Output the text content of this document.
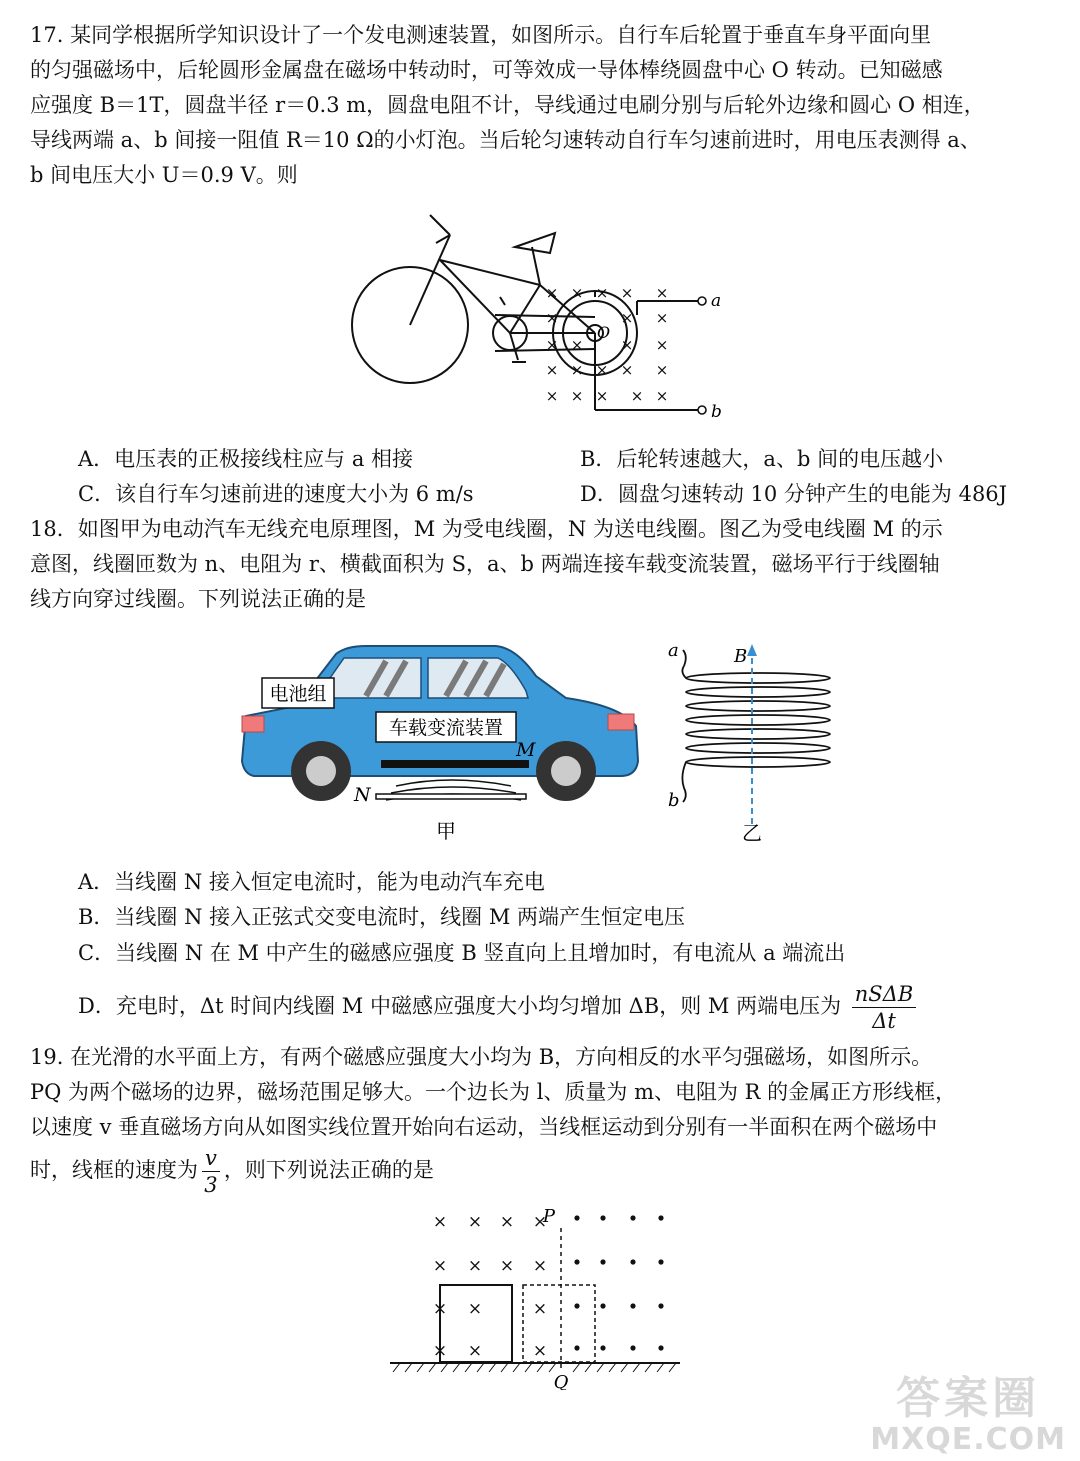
17. 某同学根据所学知识设计了一个发电测速装置，如图所示。自行车后轮置于垂直车身平面向里
的匀强磁场中，后轮圆形金属盘在磁场中转动时，可等效成一导体棒绕圆盘中心 O 转动。已知磁感
应强度 B＝1T，圆盘半径 r＝0.3 m，圆盘电阻不计，导线通过电刷分别与后轮外边缘和圆心 O 相连，
导线两端 a、b 间接一阻值 R＝10 Ω的小灯泡。当后轮匀速转动自行车匀速前进时，用电压表测得 a、
b 间电压大小 U＝0.9 V。则
× × × × ×
×	× ×
× × × ×
× × × × ×
× × × × ×
a
b
O
A．电压表的正极接线柱应与 a 相接	B．后轮转速越大，a、b 间的电压越小
C．该自行车匀速前进的速度大小为 6 m/s	D．圆盘匀速转动 10 分钟产生的电能为 486J
18．如图甲为电动汽车无线充电原理图，M 为受电线圈，N 为送电线圈。图乙为受电线圈 M 的示
意图，线圈匝数为 n、电阻为 r、横截面积为 S，a、b 两端连接车载变流装置，磁场平行于线圈轴
线方向穿过线圈。下列说法正确的是
电池组
车载变流装置
M
N
甲
a
b
B
乙
A．当线圈 N 接入恒定电流时，能为电动汽车充电
B．当线圈 N 接入正弦式交变电流时，线圈 M 两端产生恒定电压
C．当线圈 N 在 M 中产生的磁感应强度 B 竖直向上且增加时，有电流从 a 端流出
D．充电时，Δt 时间内线圈 M 中磁感应强度大小均匀增加 ΔB，则 M 两端电压为 $\frac{\text{nSΔB}}{\Delta t}$
19. 在光滑的水平面上方，有两个磁感应强度大小均为 B，方向相反的水平匀强磁场，如图所示。
PQ 为两个磁场的边界，磁场范围足够大。一个边长为 l、质量为 m、电阻为 R 的金属正方形线框，
以速度 v 垂直磁场方向从如图实线位置开始向右运动，当线框运动到分别有一半面积在两个磁场中
时，线框的速度为 $\frac{v}{3}$ ，则下列说法正确的是
× × × ×
× × × ×
× ×	×
× ×	×
P
Q	答案圈
MXQE.COM
